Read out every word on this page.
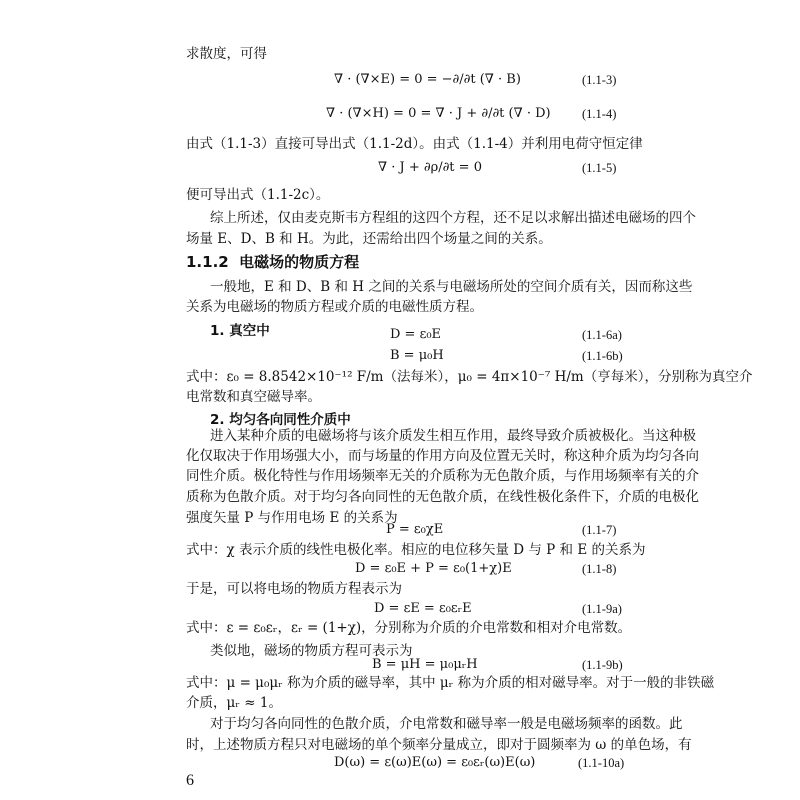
求散度，可得
∇ · (∇×E) = 0 = −∂/∂t (∇ · B)	(1.1-3)
∇ · (∇×H) = 0 = ∇ · J + ∂/∂t (∇ · D)	(1.1-4)
由式（1.1-3）直接可导出式（1.1-2d）。由式（1.1-4）并利用电荷守恒定律
∇ · J + ∂ρ/∂t = 0	(1.1-5)
便可导出式（1.1-2c）。
综上所述，仅由麦克斯韦方程组的这四个方程，还不足以求解出描述电磁场的四个
场量 E、D、B 和 H。为此，还需给出四个场量之间的关系。
1.1.2 电磁场的物质方程
一般地，E 和 D、B 和 H 之间的关系与电磁场所处的空间介质有关，因而称这些
关系为电磁场的物质方程或介质的电磁性质方程。
1. 真空中	D = ε₀E	(1.1-6a)
B = μ₀H	(1.1-6b)
式中：ε₀ = 8.8542×10⁻¹² F/m（法每米），μ₀ = 4π×10⁻⁷ H/m（亨每米），分别称为真空介
电常数和真空磁导率。
2. 均匀各向同性介质中
进入某种介质的电磁场将与该介质发生相互作用，最终导致介质被极化。当这种极
化仅取决于作用场强大小，而与场量的作用方向及位置无关时，称这种介质为均匀各向
同性介质。极化特性与作用场频率无关的介质称为无色散介质，与作用场频率有关的介
质称为色散介质。对于均匀各向同性的无色散介质，在线性极化条件下，介质的电极化
强度矢量 P 与作用电场 E 的关系为
P = ε₀χE	(1.1-7)
式中：χ 表示介质的线性电极化率。相应的电位移矢量 D 与 P 和 E 的关系为
D = ε₀E + P = ε₀(1+χ)E	(1.1-8)
于是，可以将电场的物质方程表示为
D = εE = ε₀εᵣE	(1.1-9a)
式中：ε = ε₀εᵣ，εᵣ = (1+χ)，分别称为介质的介电常数和相对介电常数。
类似地，磁场的物质方程可表示为
B = μH = μ₀μᵣH	(1.1-9b)
式中：μ = μ₀μᵣ 称为介质的磁导率，其中 μᵣ 称为介质的相对磁导率。对于一般的非铁磁
介质，μᵣ ≈ 1。
对于均匀各向同性的色散介质，介电常数和磁导率一般是电磁场频率的函数。此
时，上述物质方程只对电磁场的单个频率分量成立，即对于圆频率为 ω 的单色场，有
D(ω) = ε(ω)E(ω) = ε₀εᵣ(ω)E(ω)	(1.1-10a)
6
